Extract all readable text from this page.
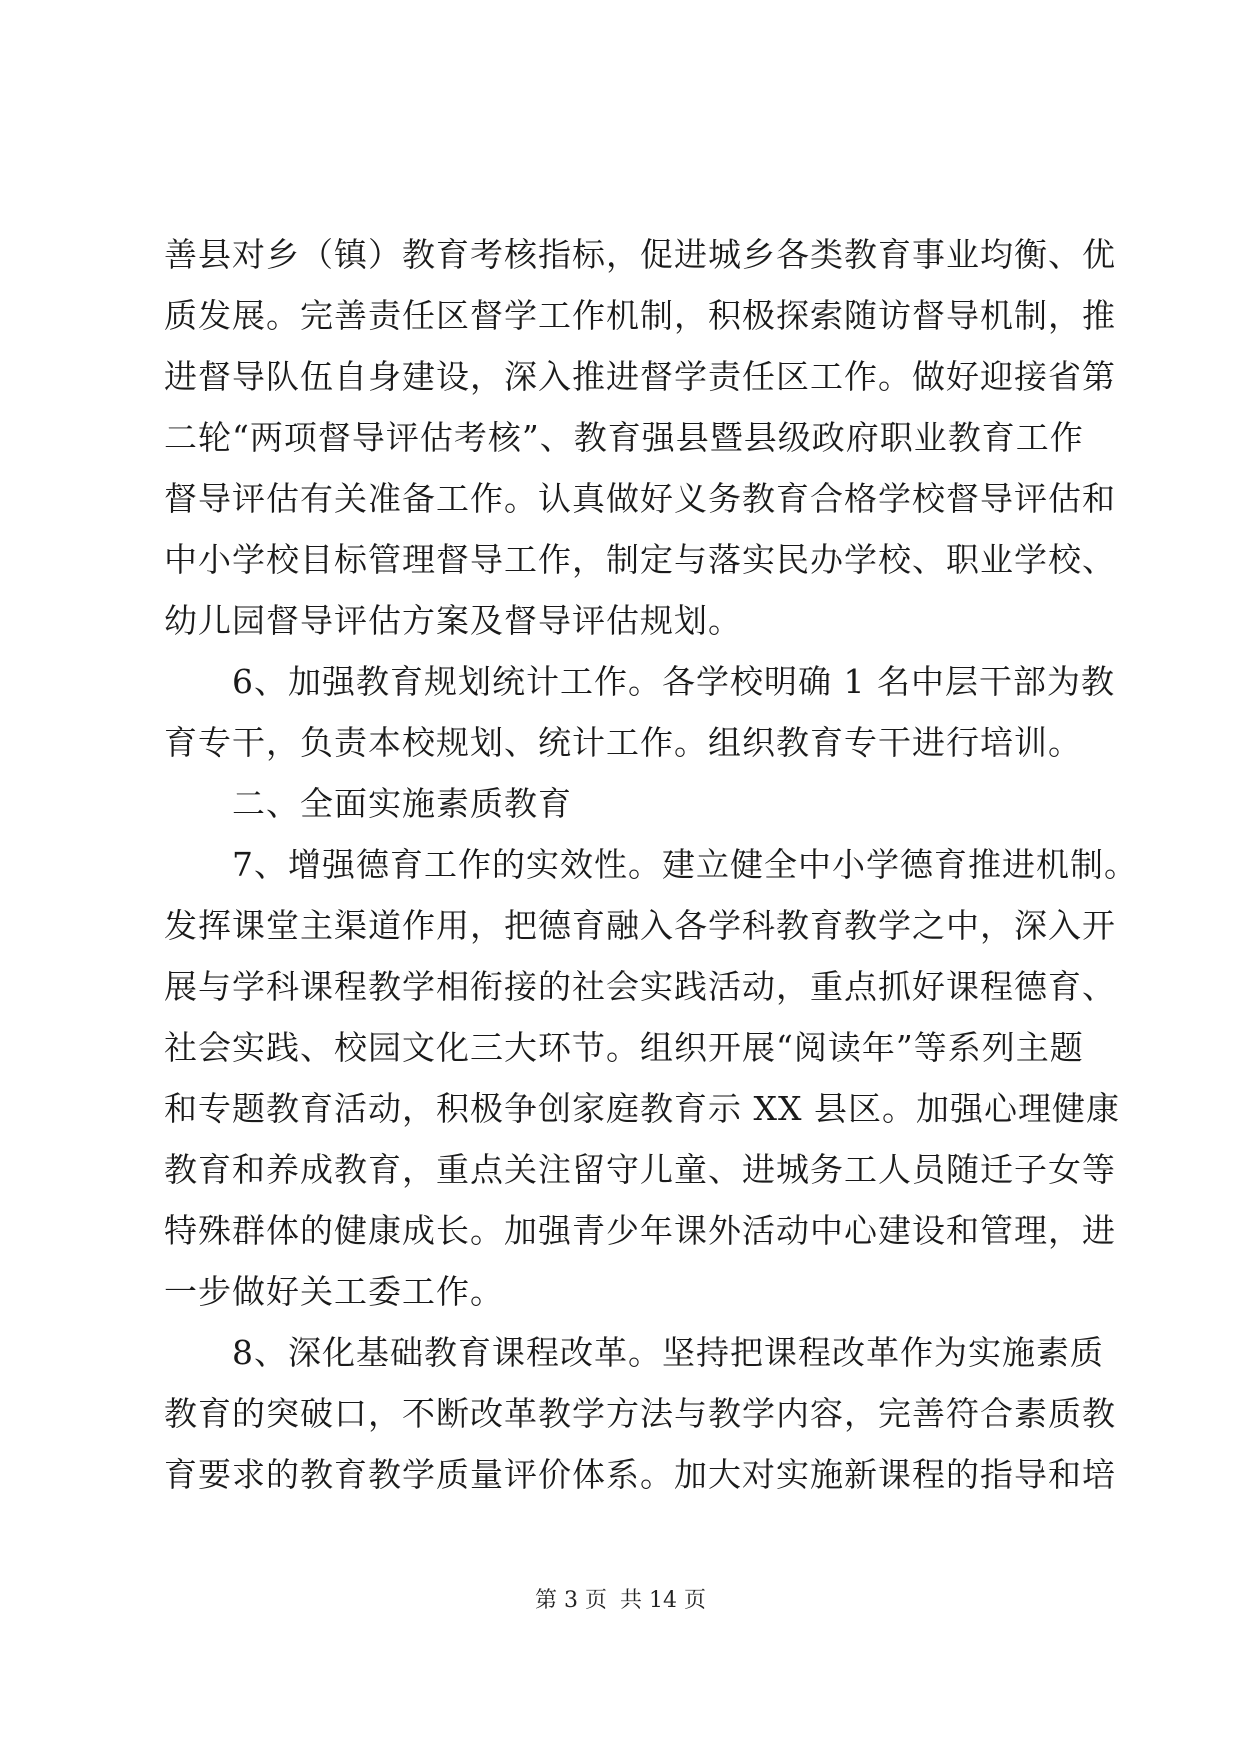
善县对乡（镇）教育考核指标，促进城乡各类教育事业均衡、优
质发展。完善责任区督学工作机制，积极探索随访督导机制，推
进督导队伍自身建设，深入推进督学责任区工作。做好迎接省第
二轮“两项督导评估考核”、教育强县暨县级政府职业教育工作
督导评估有关准备工作。认真做好义务教育合格学校督导评估和
中小学校目标管理督导工作，制定与落实民办学校、职业学校、
幼儿园督导评估方案及督导评估规划。
　　6、加强教育规划统计工作。各学校明确 1 名中层干部为教
育专干，负责本校规划、统计工作。组织教育专干进行培训。
　　二、全面实施素质教育
　　7、增强德育工作的实效性。建立健全中小学德育推进机制。
发挥课堂主渠道作用，把德育融入各学科教育教学之中，深入开
展与学科课程教学相衔接的社会实践活动，重点抓好课程德育、
社会实践、校园文化三大环节。组织开展“阅读年”等系列主题
和专题教育活动，积极争创家庭教育示 XX 县区。加强心理健康
教育和养成教育，重点关注留守儿童、进城务工人员随迁子女等
特殊群体的健康成长。加强青少年课外活动中心建设和管理，进
一步做好关工委工作。
　　8、深化基础教育课程改革。坚持把课程改革作为实施素质
教育的突破口，不断改革教学方法与教学内容，完善符合素质教
育要求的教育教学质量评价体系。加大对实施新课程的指导和培
第 3 页 共 14 页
